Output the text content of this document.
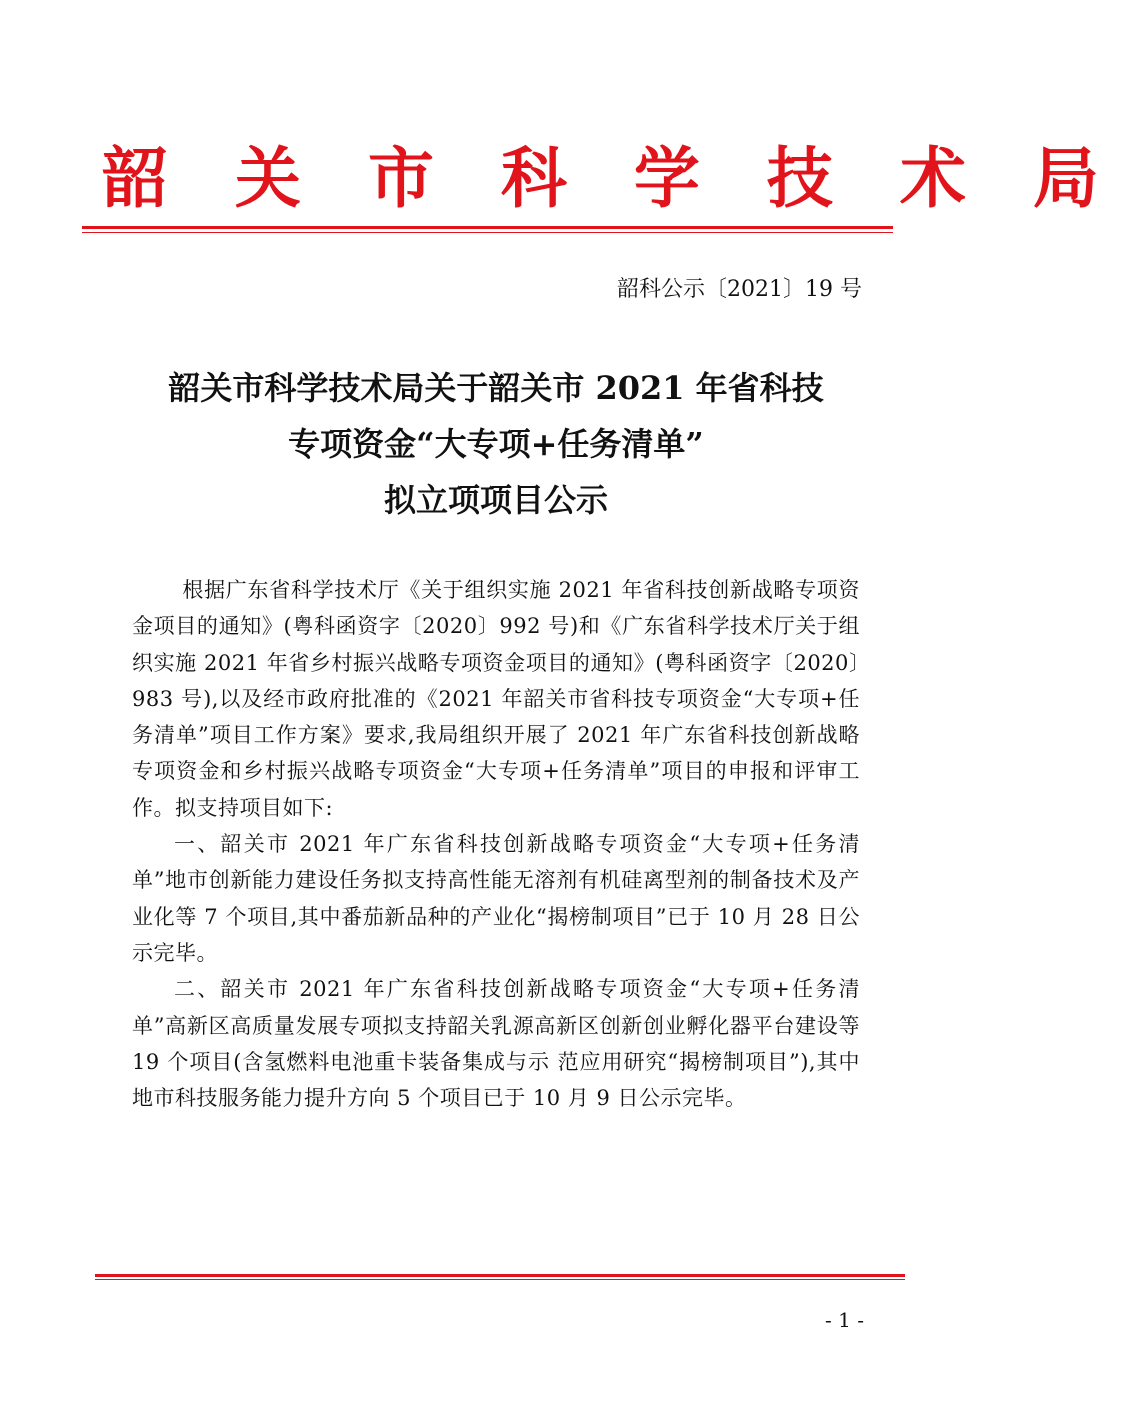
韶 关 市 科 学 技 术 局
韶科公示〔2021〕19 号
韶关市科学技术局关于韶关市 2021 年省科技
专项资金“大专项+任务清单”
拟立项项目公示

根据广东省科学技术厅《关于组织实施 2021 年省科技创新战略专项资金项目的通知》(粤科函资字〔2020〕992 号)和《广东省科学技术厅关于组织实施 2021 年省乡村振兴战略专项资金项目的通知》(粤科函资字〔2020〕983 号),以及经市政府批准的《2021 年韶关市省科技专项资金“大专项+任务清单”项目工作方案》要求,我局组织开展了 2021 年广东省科技创新战略专项资金和乡村振兴战略专项资金“大专项+任务清单”项目的申报和评审工作。拟支持项目如下:

一、韶关市 2021 年广东省科技创新战略专项资金“大专项+任务清单”地市创新能力建设任务拟支持高性能无溶剂有机硅离型剂的制备技术及产业化等 7 个项目,其中番茄新品种的产业化“揭榜制项目”已于 10 月 28 日公示完毕。

二、韶关市 2021 年广东省科技创新战略专项资金“大专项+任务清单”高新区高质量发展专项拟支持韶关乳源高新区创新创业孵化器平台建设等 19 个项目(含氢燃料电池重卡装备集成与示 范应用研究“揭榜制项目”),其中地市科技服务能力提升方向 5 个项目已于 10 月 9 日公示完毕。

- 1 -
